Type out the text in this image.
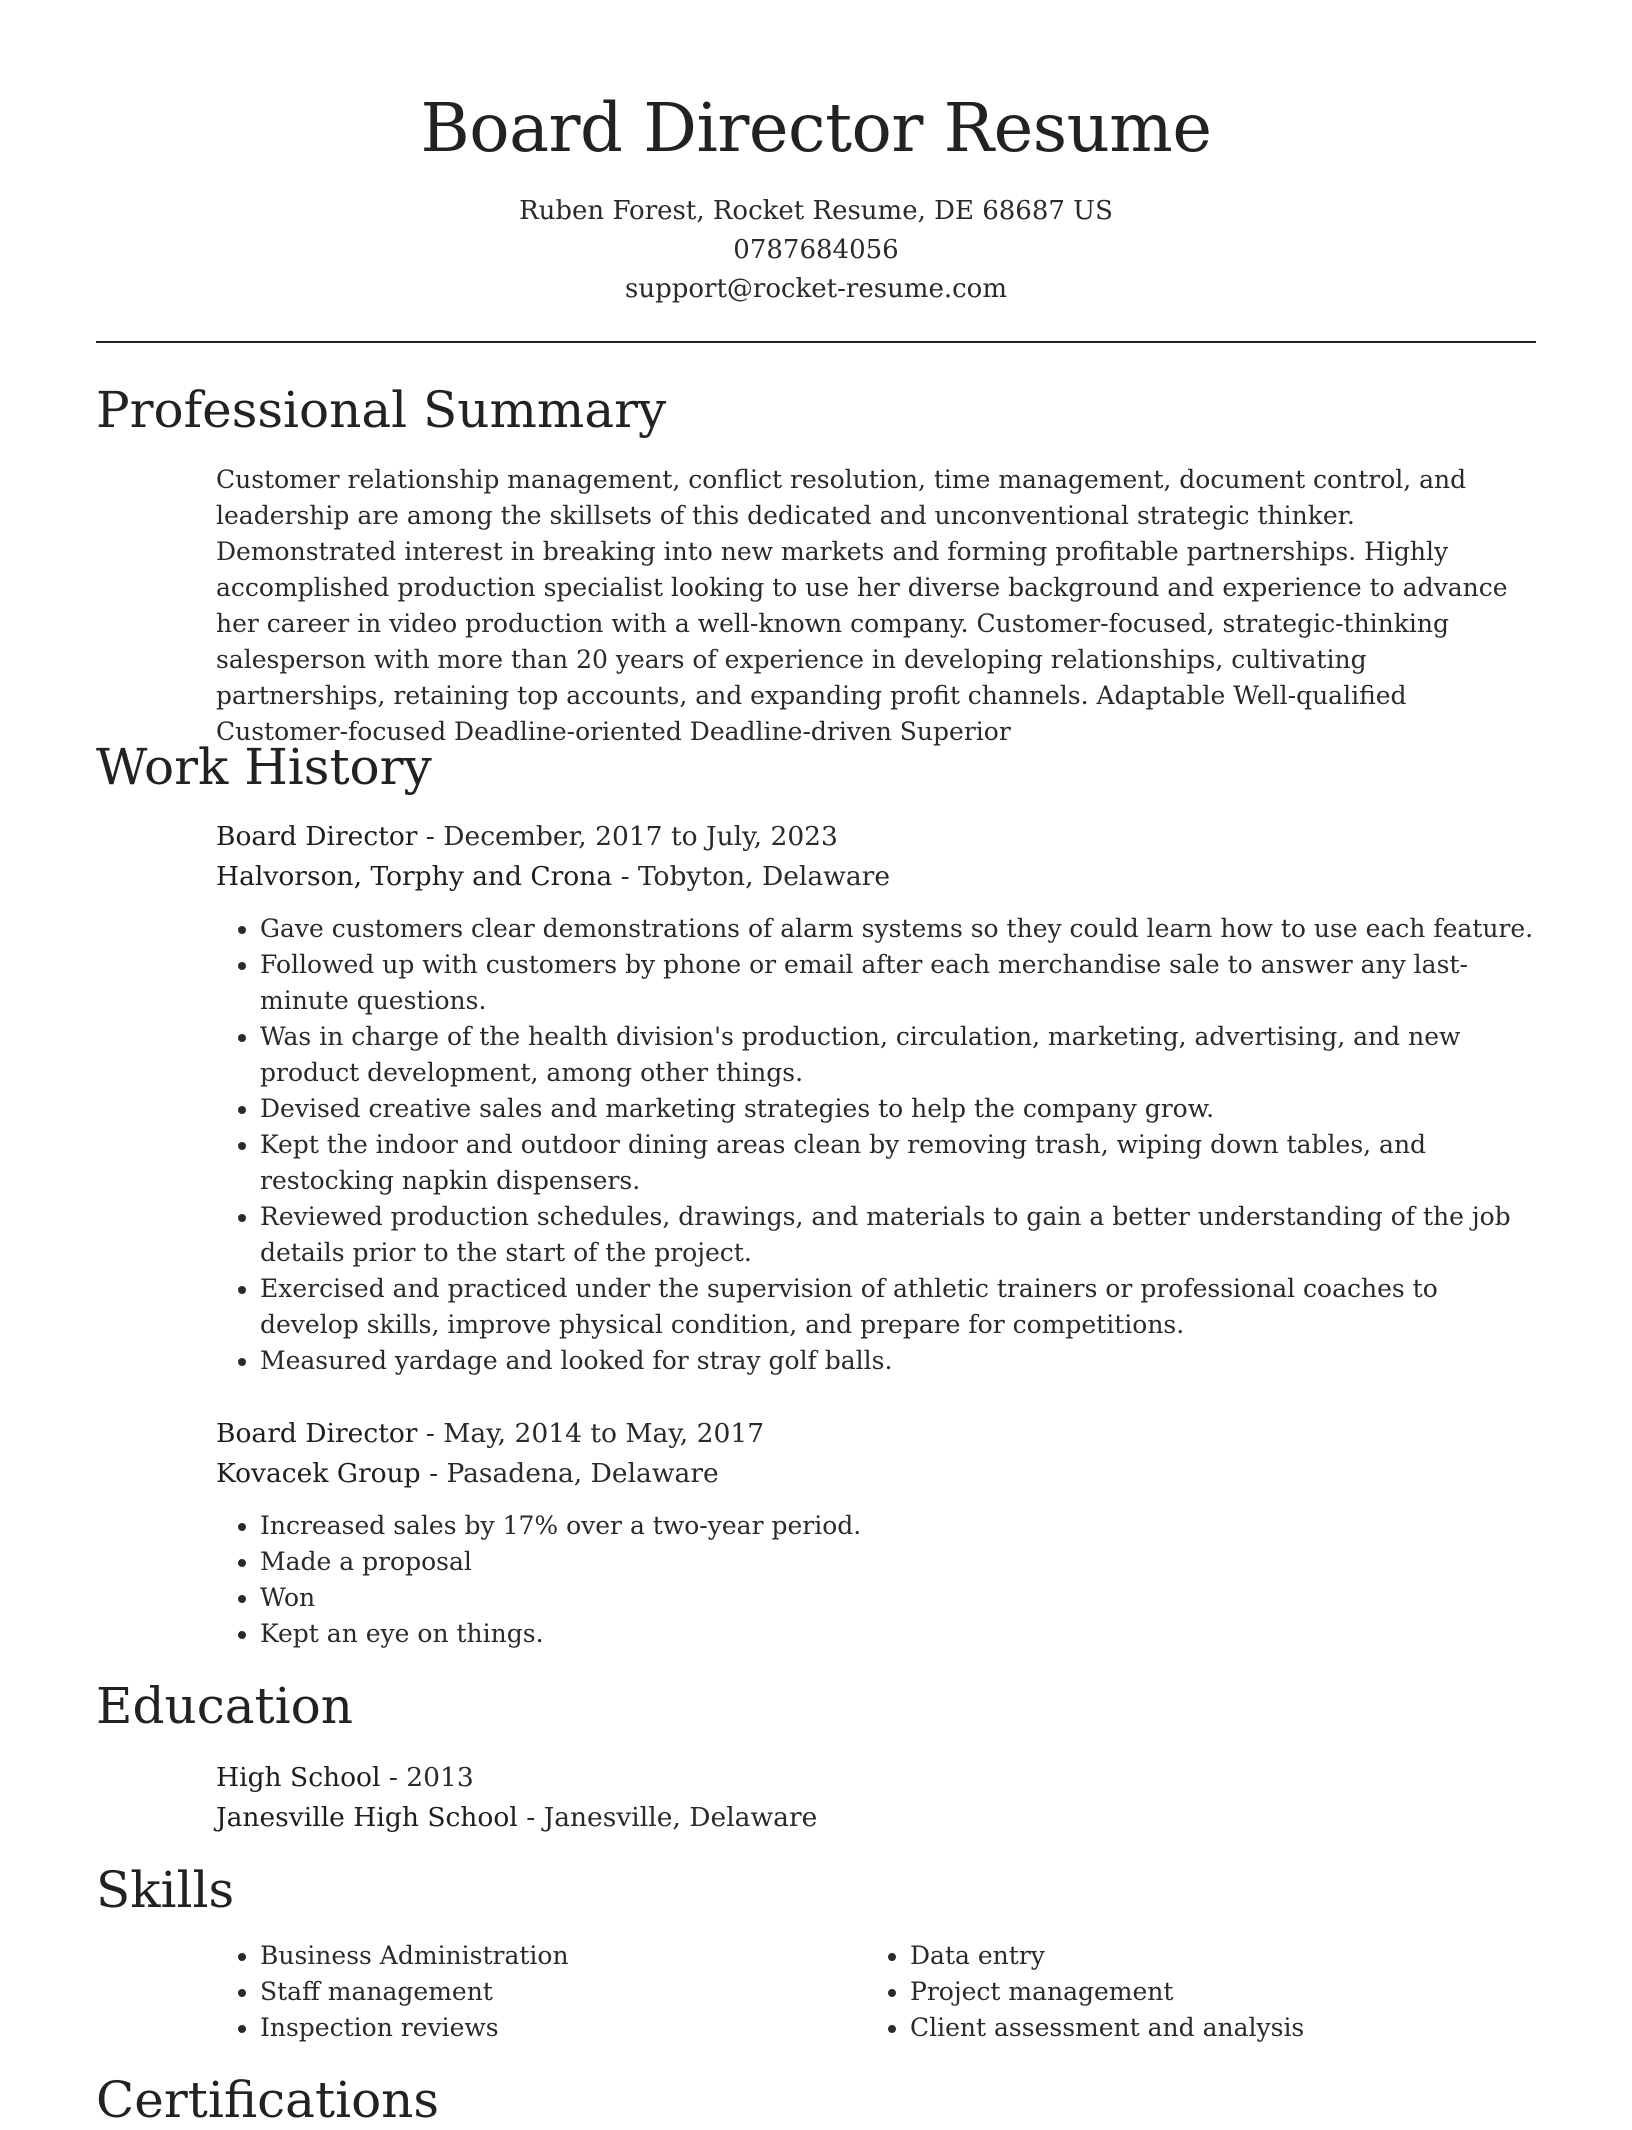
Board Director Resume
Ruben Forest, Rocket Resume, DE 68687 US
0787684056
support@rocket-resume.com
Professional Summary

Customer relationship management, conflict resolution, time management, document control, and leadership are among the skillsets of this dedicated and unconventional strategic thinker. Demonstrated interest in breaking into new markets and forming profitable partnerships. Highly accomplished production specialist looking to use her diverse background and experience to advance her career in video production with a well-known company. Customer-focused, strategic-thinking salesperson with more than 20 years of experience in developing relationships, cultivating partnerships, retaining top accounts, and expanding profit channels. Adaptable Well-qualified Customer-focused Deadline-oriented Deadline-driven Superior

Work History
Board Director - December, 2017 to July, 2023
Halvorson, Torphy and Crona - Tobyton, Delaware
• Gave customers clear demonstrations of alarm systems so they could learn how to use each feature.
• Followed up with customers by phone or email after each merchandise sale to answer any last-minute questions.
• Was in charge of the health division's production, circulation, marketing, advertising, and new product development, among other things.
• Devised creative sales and marketing strategies to help the company grow.
• Kept the indoor and outdoor dining areas clean by removing trash, wiping down tables, and restocking napkin dispensers.
• Reviewed production schedules, drawings, and materials to gain a better understanding of the job details prior to the start of the project.
• Exercised and practiced under the supervision of athletic trainers or professional coaches to develop skills, improve physical condition, and prepare for competitions.
• Measured yardage and looked for stray golf balls.
Board Director - May, 2014 to May, 2017
Kovacek Group - Pasadena, Delaware
• Increased sales by 17% over a two-year period.
• Made a proposal
• Won
• Kept an eye on things.
Education
High School - 2013
Janesville High School - Janesville, Delaware
Skills
• Business Administration
• Staff management
• Inspection reviews
• Data entry
• Project management
• Client assessment and analysis
Certifications
